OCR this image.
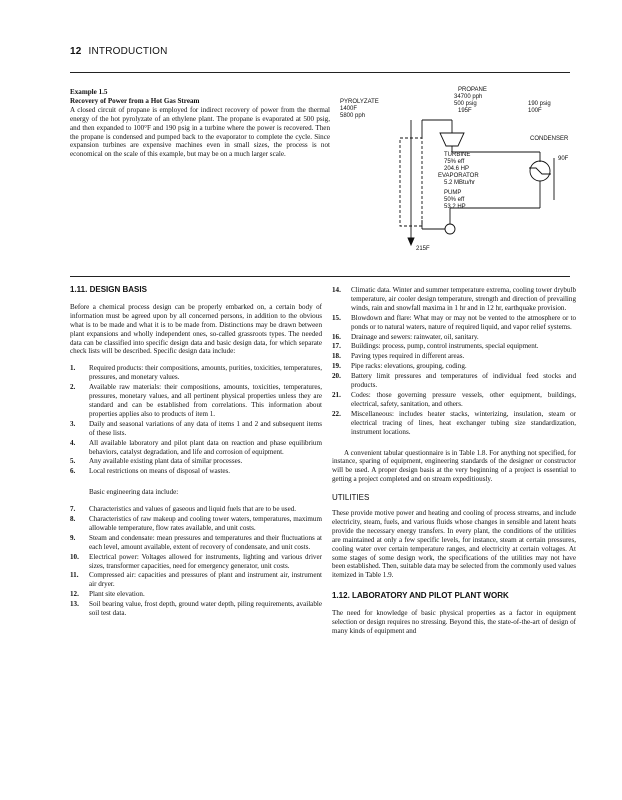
12 INTRODUCTION
Example 1.5
Recovery of Power from a Hot Gas Stream

A closed circuit of propane is employed for indirect recovery of power from the thermal energy of the hot pyrolyzate of an ethylene plant. The propane is evaporated at 500 psig, and then expanded to 100°F and 190 psig in a turbine where the power is recovered. Then the propane is condensed and pumped back to the evaporator to complete the cycle. Since expansion turbines are expensive machines even in small sizes, the process is not economical on the scale of this example, but may be on a much larger scale.

PROPANE
34700 pph
500 psig
195F
PYROLYZATE
1400F
5800 pph
190 psig
100F
CONDENSER
90F
TURBINE
75% eff
204.6 HP
EVAPORATOR
5.2 MBtu/hr
PUMP
50% eff
53.2 HP
215F
1.11. DESIGN BASIS

Before a chemical process design can be properly embarked on, a certain body of information must be agreed upon by all concerned persons, in addition to the obvious what is to be made and what it is to be made from. Distinctions may be drawn between plant expansions and wholly independent ones, so-called grassroots types. The needed data can be classified into specific design data and basic design data, for which separate check lists will be described. Specific design data include:

1. Required products: their compositions, amounts, purities, toxicities, temperatures, pressures, and monetary values.
2. Available raw materials: their compositions, amounts, toxicities, temperatures, pressures, monetary values, and all pertinent physical properties unless they are standard and can be established from correlations. This information about properties applies also to products of item 1.
3. Daily and seasonal variations of any data of items 1 and 2 and subsequent items of these lists.
4. All available laboratory and pilot plant data on reaction and phase equilibrium behaviors, catalyst degradation, and life and corrosion of equipment.
5. Any available existing plant data of similar processes.
6. Local restrictions on means of disposal of wastes.

Basic engineering data include:

7. Characteristics and values of gaseous and liquid fuels that are to be used.
8. Characteristics of raw makeup and cooling tower waters, temperatures, maximum allowable temperature, flow rates available, and unit costs.
9. Steam and condensate: mean pressures and temperatures and their fluctuations at each level, amount available, extent of recovery of condensate, and unit costs.
10. Electrical power: Voltages allowed for instruments, lighting and various driver sizes, transformer capacities, need for emergency generator, unit costs.
11. Compressed air: capacities and pressures of plant and instrument air, instrument air dryer.
12. Plant site elevation.
13. Soil bearing value, frost depth, ground water depth, piling requirements, available soil test data.
14. Climatic data. Winter and summer temperature extrema, cooling tower drybulb temperature, air cooler design temperature, strength and direction of prevailing winds, rain and snowfall maxima in 1 hr and in 12 hr, earthquake provision.
15. Blowdown and flare: What may or may not be vented to the atmosphere or to ponds or to natural waters, nature of required liquid, and vapor relief systems.
16. Drainage and sewers: rainwater, oil, sanitary.
17. Buildings: process, pump, control instruments, special equipment.
18. Paving types required in different areas.
19. Pipe racks: elevations, grouping, coding.
20. Battery limit pressures and temperatures of individual feed stocks and products.
21. Codes: those governing pressure vessels, other equipment, buildings, electrical, safety, sanitation, and others.
22. Miscellaneous: includes heater stacks, winterizing, insulation, steam or electrical tracing of lines, heat exchanger tubing size standardization, instrument locations.

A convenient tabular questionnaire is in Table 1.8. For anything not specified, for instance, sparing of equipment, engineering standards of the designer or constructor will be used. A proper design basis at the very beginning of a project is essential to getting a project completed and on stream expeditiously.

UTILITIES

These provide motive power and heating and cooling of process streams, and include electricity, steam, fuels, and various fluids whose changes in sensible and latent heats provide the necessary energy transfers. In every plant, the conditions of the utilities are maintained at only a few specific levels, for instance, steam at certain pressures, cooling water over certain temperature ranges, and electricity at certain voltages. At some stages of some design work, the specifications of the utilities may not have been established. Then, suitable data may be selected from the commonly used values itemized in Table 1.9.

1.12. LABORATORY AND PILOT PLANT WORK

The need for knowledge of basic physical properties as a factor in equipment selection or design requires no stressing. Beyond this, the state-of-the-art of design of many kinds of equipment and
